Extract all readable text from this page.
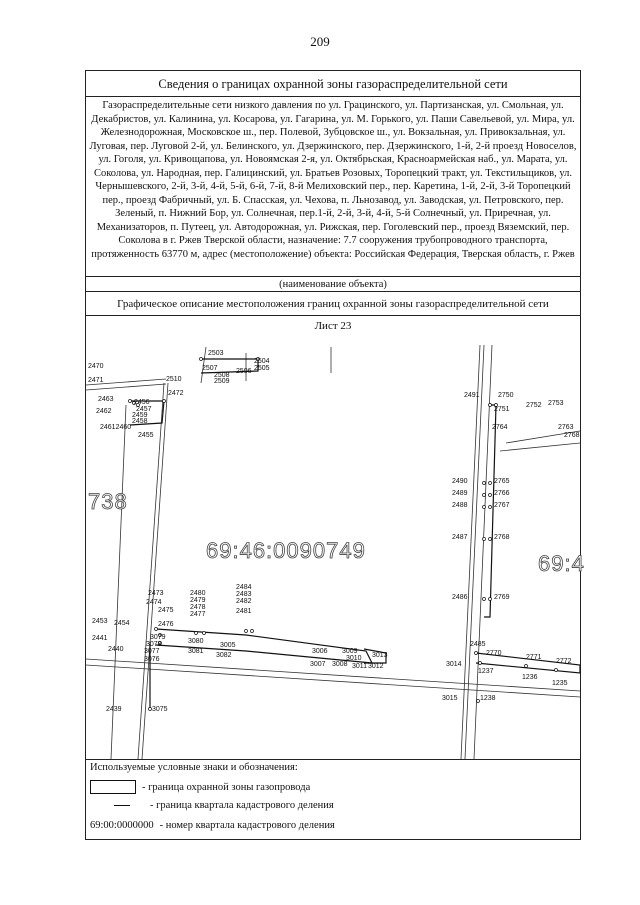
209
Сведения о границах охранной зоны газораспределительной сети
Газораспределительные сети низкого давления по ул. Грацинского, ул. Партизанская, ул. Смольная, ул. Декабристов, ул. Калинина, ул. Косарова, ул. Гагарина, ул. М. Горького, ул. Паши Савельевой, ул. Мира, ул. Железнодорожная, Московское ш., пер. Полевой, Зубцовское ш., ул. Вокзальная, ул. Привокзальная, ул. Луговая, пер. Луговой 2-й, ул. Белинского, ул. Дзержинского, пер. Дзержинского, 1-й, 2-й проезд Новоселов, ул. Гоголя, ул. Кривощапова, ул. Новоямская 2-я, ул. Октябрьская, Красноармейская наб., ул. Марата, ул. Соколова, ул. Народная, пер. Галицинский, ул. Братьев Розовых, Торопецкий тракт, ул. Текстильщиков, ул. Чернышевского, 2-й, 3-й, 4-й, 5-й, 6-й, 7-й, 8-й Мелиховский пер., пер. Каретина, 1-й, 2-й, 3-й Торопецкий пер., проезд Фабричный, ул. Б. Спасская, ул. Чехова, п. Льнозавод, ул. Заводская, ул. Петровского, пер. Зеленый, п. Нижний Бор, ул. Солнечная, пер.1-й, 2-й, 3-й, 4-й, 5-й Солнечный, ул. Приречная, ул. Механизаторов, п. Путеец, ул. Автодорожная, ул. Рижская, пер. Гоголевский пер., проезд Вяземский, пер. Соколова в г. Ржев Тверской области, назначение: 7.7 сооружения трубопроводного транспорта, протяженность 63770 м, адрес (местоположение) объекта: Российская Федерация, Тверская область, г. Ржев
(наименование объекта)
Графическое описание местоположения границ охранной зоны газораспределительной сети
Лист 23
2503
2504
2505
2506
2507
2508
2509
2510
2470
2471
2472
2463	2456
2457
2459
2462
2458
24612460
2455
2491	2750
2751
2752 2753
2764	2763
2768
2490	2765
2489	2766
2488	2767
2487	2768
2486	2769
2484
2483
2482
2481
2480
2479
2478
2477
2473
2474
2475
2476
2453 2454
2441
2440
3079
3078
3077
3076
3080
3081
3005
3082
3006 3009
3010 3013
3007 3008 3011 3012
2485
2770
2771
2772
3014
1237
1236
1235
3015	1238
2439	3075
69:46:0090749
738
69:4
Используемые условные знаки и обозначения:
- граница охранной зоны газопровода
- граница квартала кадастрового деления
69:00:0000000 - номер квартала кадастрового деления
